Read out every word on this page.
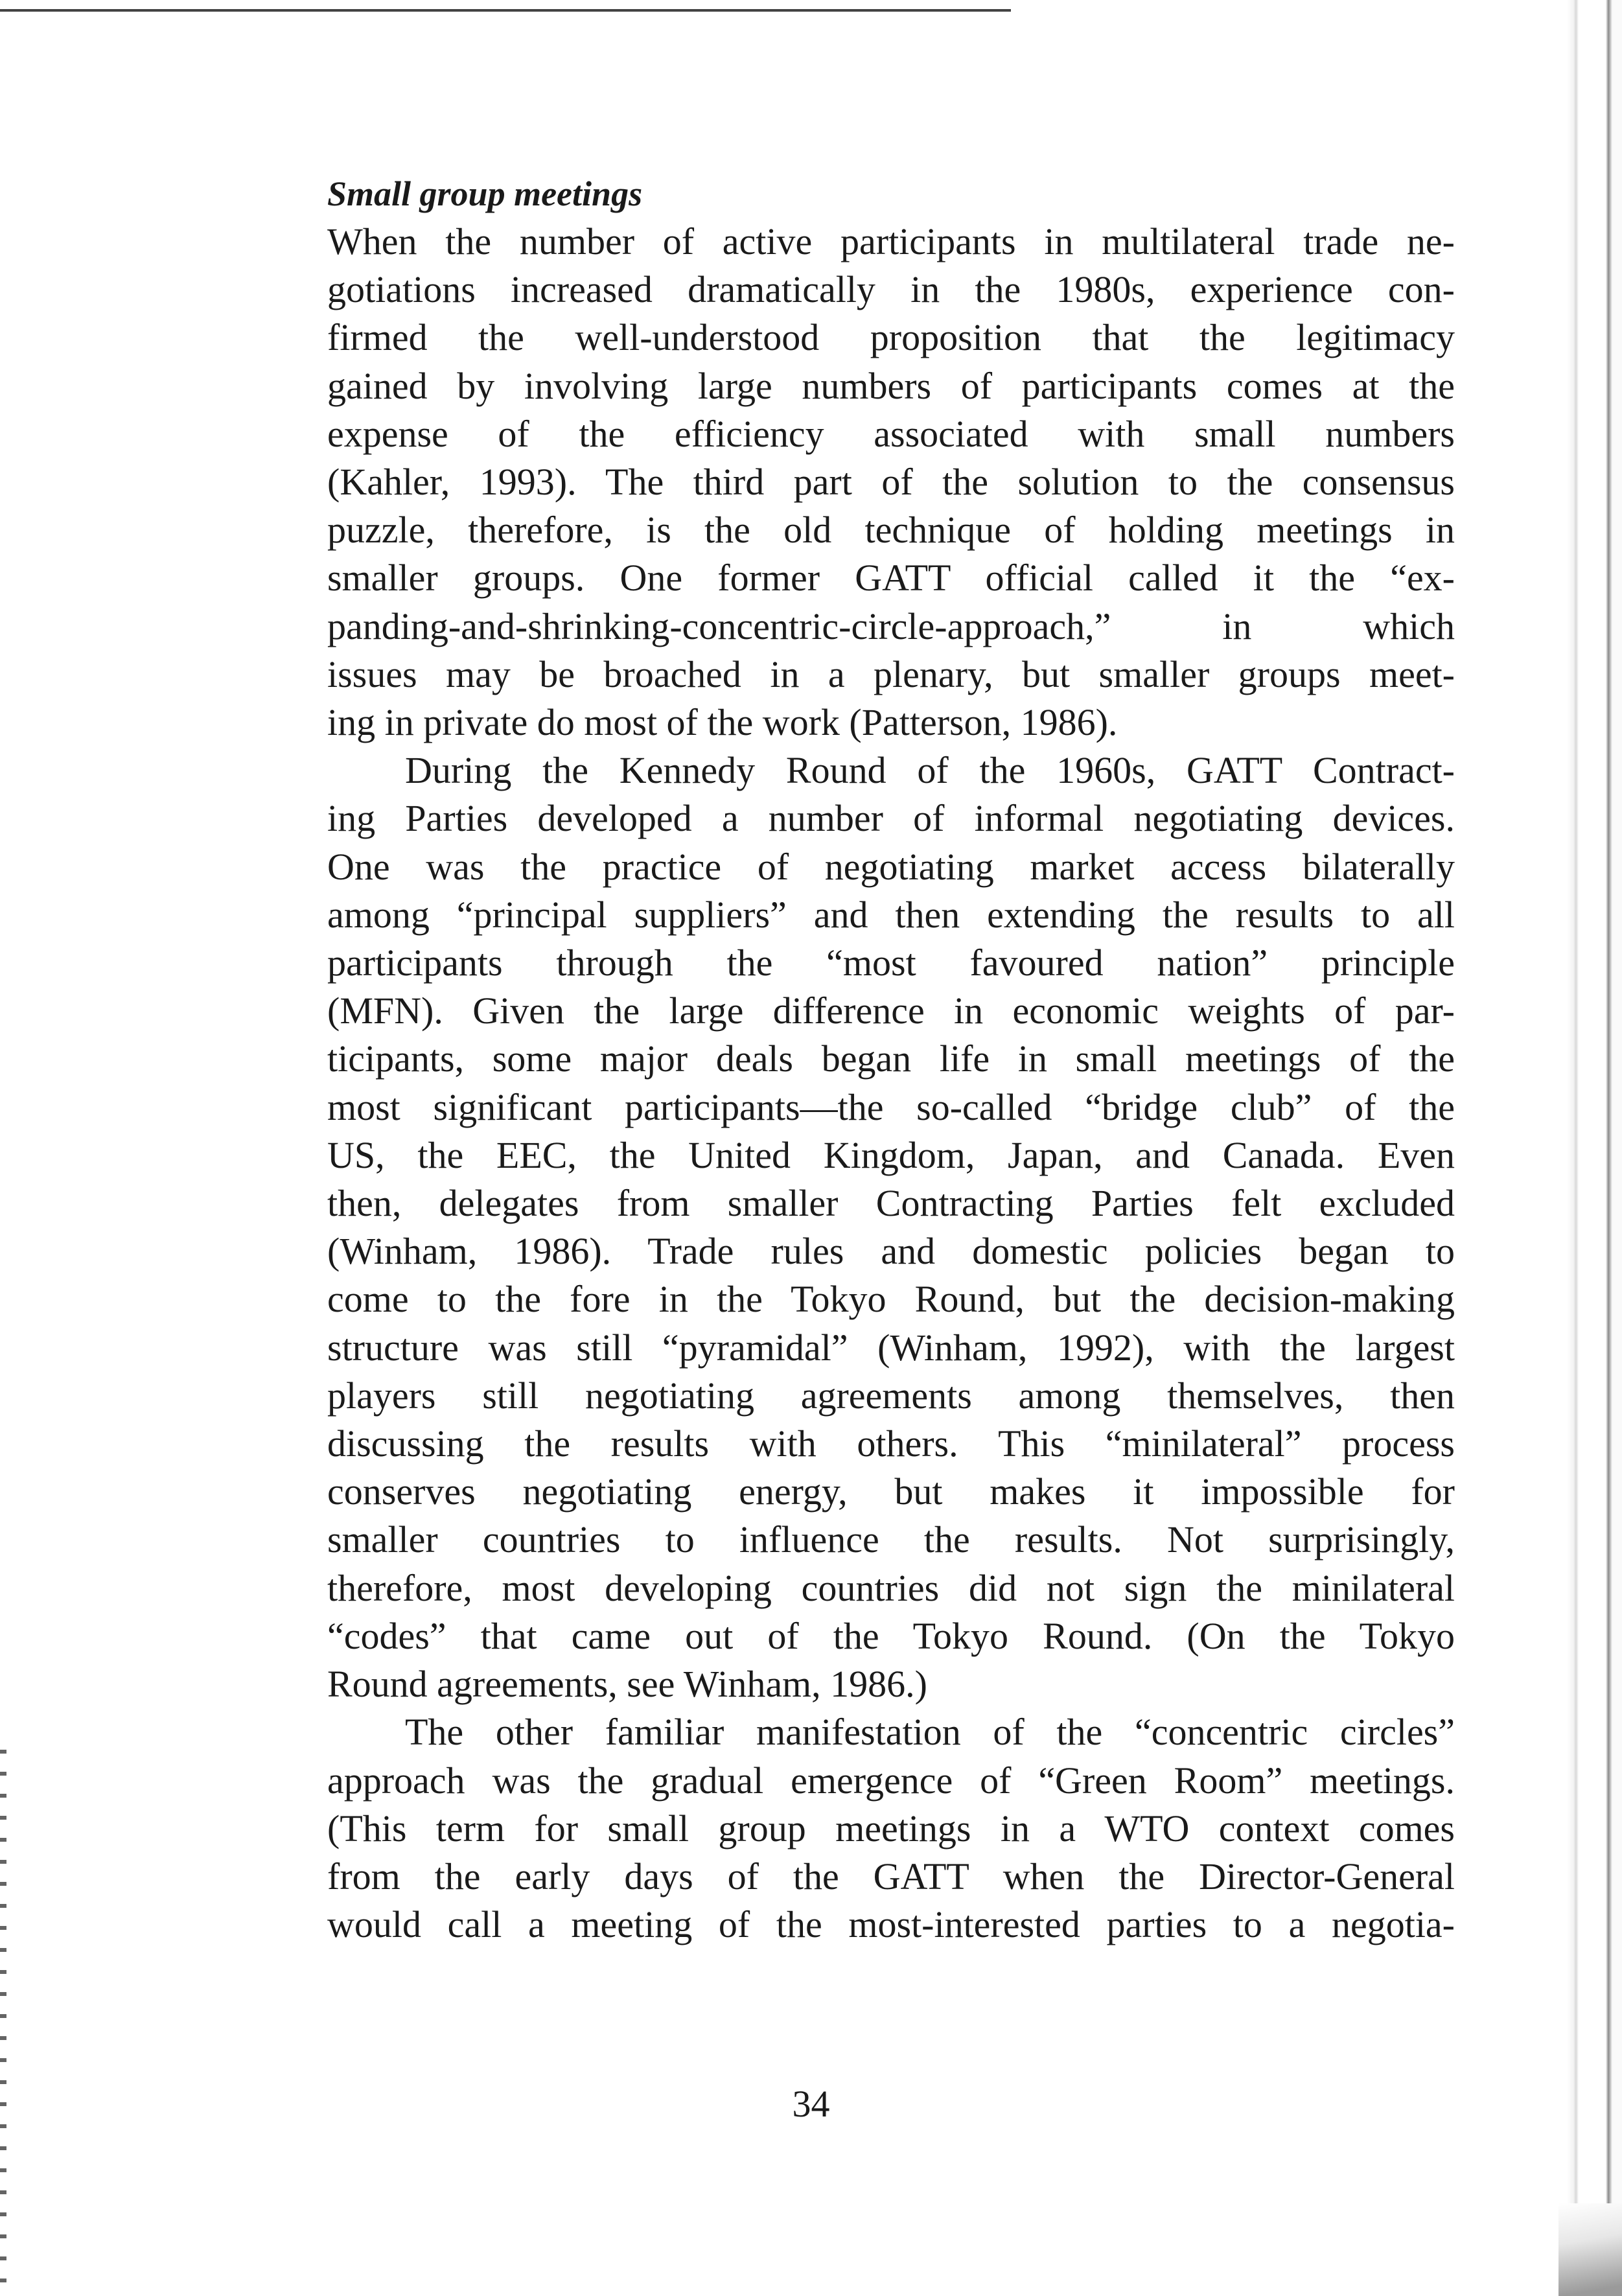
Small group meetings
When the number of active participants in multilateral trade ne-
gotiations increased dramatically in the 1980s, experience con-
firmed the well-understood proposition that the legitimacy
gained by involving large numbers of participants comes at the
expense of the efficiency associated with small numbers
(Kahler, 1993). The third part of the solution to the consensus
puzzle, therefore, is the old technique of holding meetings in
smaller groups. One former GATT official called it the “ex-
panding-and-shrinking-concentric-circle-approach,” in which
issues may be broached in a plenary, but smaller groups meet-
ing in private do most of the work (Patterson, 1986).
During the Kennedy Round of the 1960s, GATT Contract-
ing Parties developed a number of informal negotiating devices.
One was the practice of negotiating market access bilaterally
among “principal suppliers” and then extending the results to all
participants through the “most favoured nation” principle
(MFN). Given the large difference in economic weights of par-
ticipants, some major deals began life in small meetings of the
most significant participants—the so-called “bridge club” of the
US, the EEC, the United Kingdom, Japan, and Canada. Even
then, delegates from smaller Contracting Parties felt excluded
(Winham, 1986). Trade rules and domestic policies began to
come to the fore in the Tokyo Round, but the decision-making
structure was still “pyramidal” (Winham, 1992), with the largest
players still negotiating agreements among themselves, then
discussing the results with others. This “minilateral” process
conserves negotiating energy, but makes it impossible for
smaller countries to influence the results. Not surprisingly,
therefore, most developing countries did not sign the minilateral
“codes” that came out of the Tokyo Round. (On the Tokyo
Round agreements, see Winham, 1986.)
The other familiar manifestation of the “concentric circles”
approach was the gradual emergence of “Green Room” meetings.
(This term for small group meetings in a WTO context comes
from the early days of the GATT when the Director-General
would call a meeting of the most-interested parties to a negotia-
34
